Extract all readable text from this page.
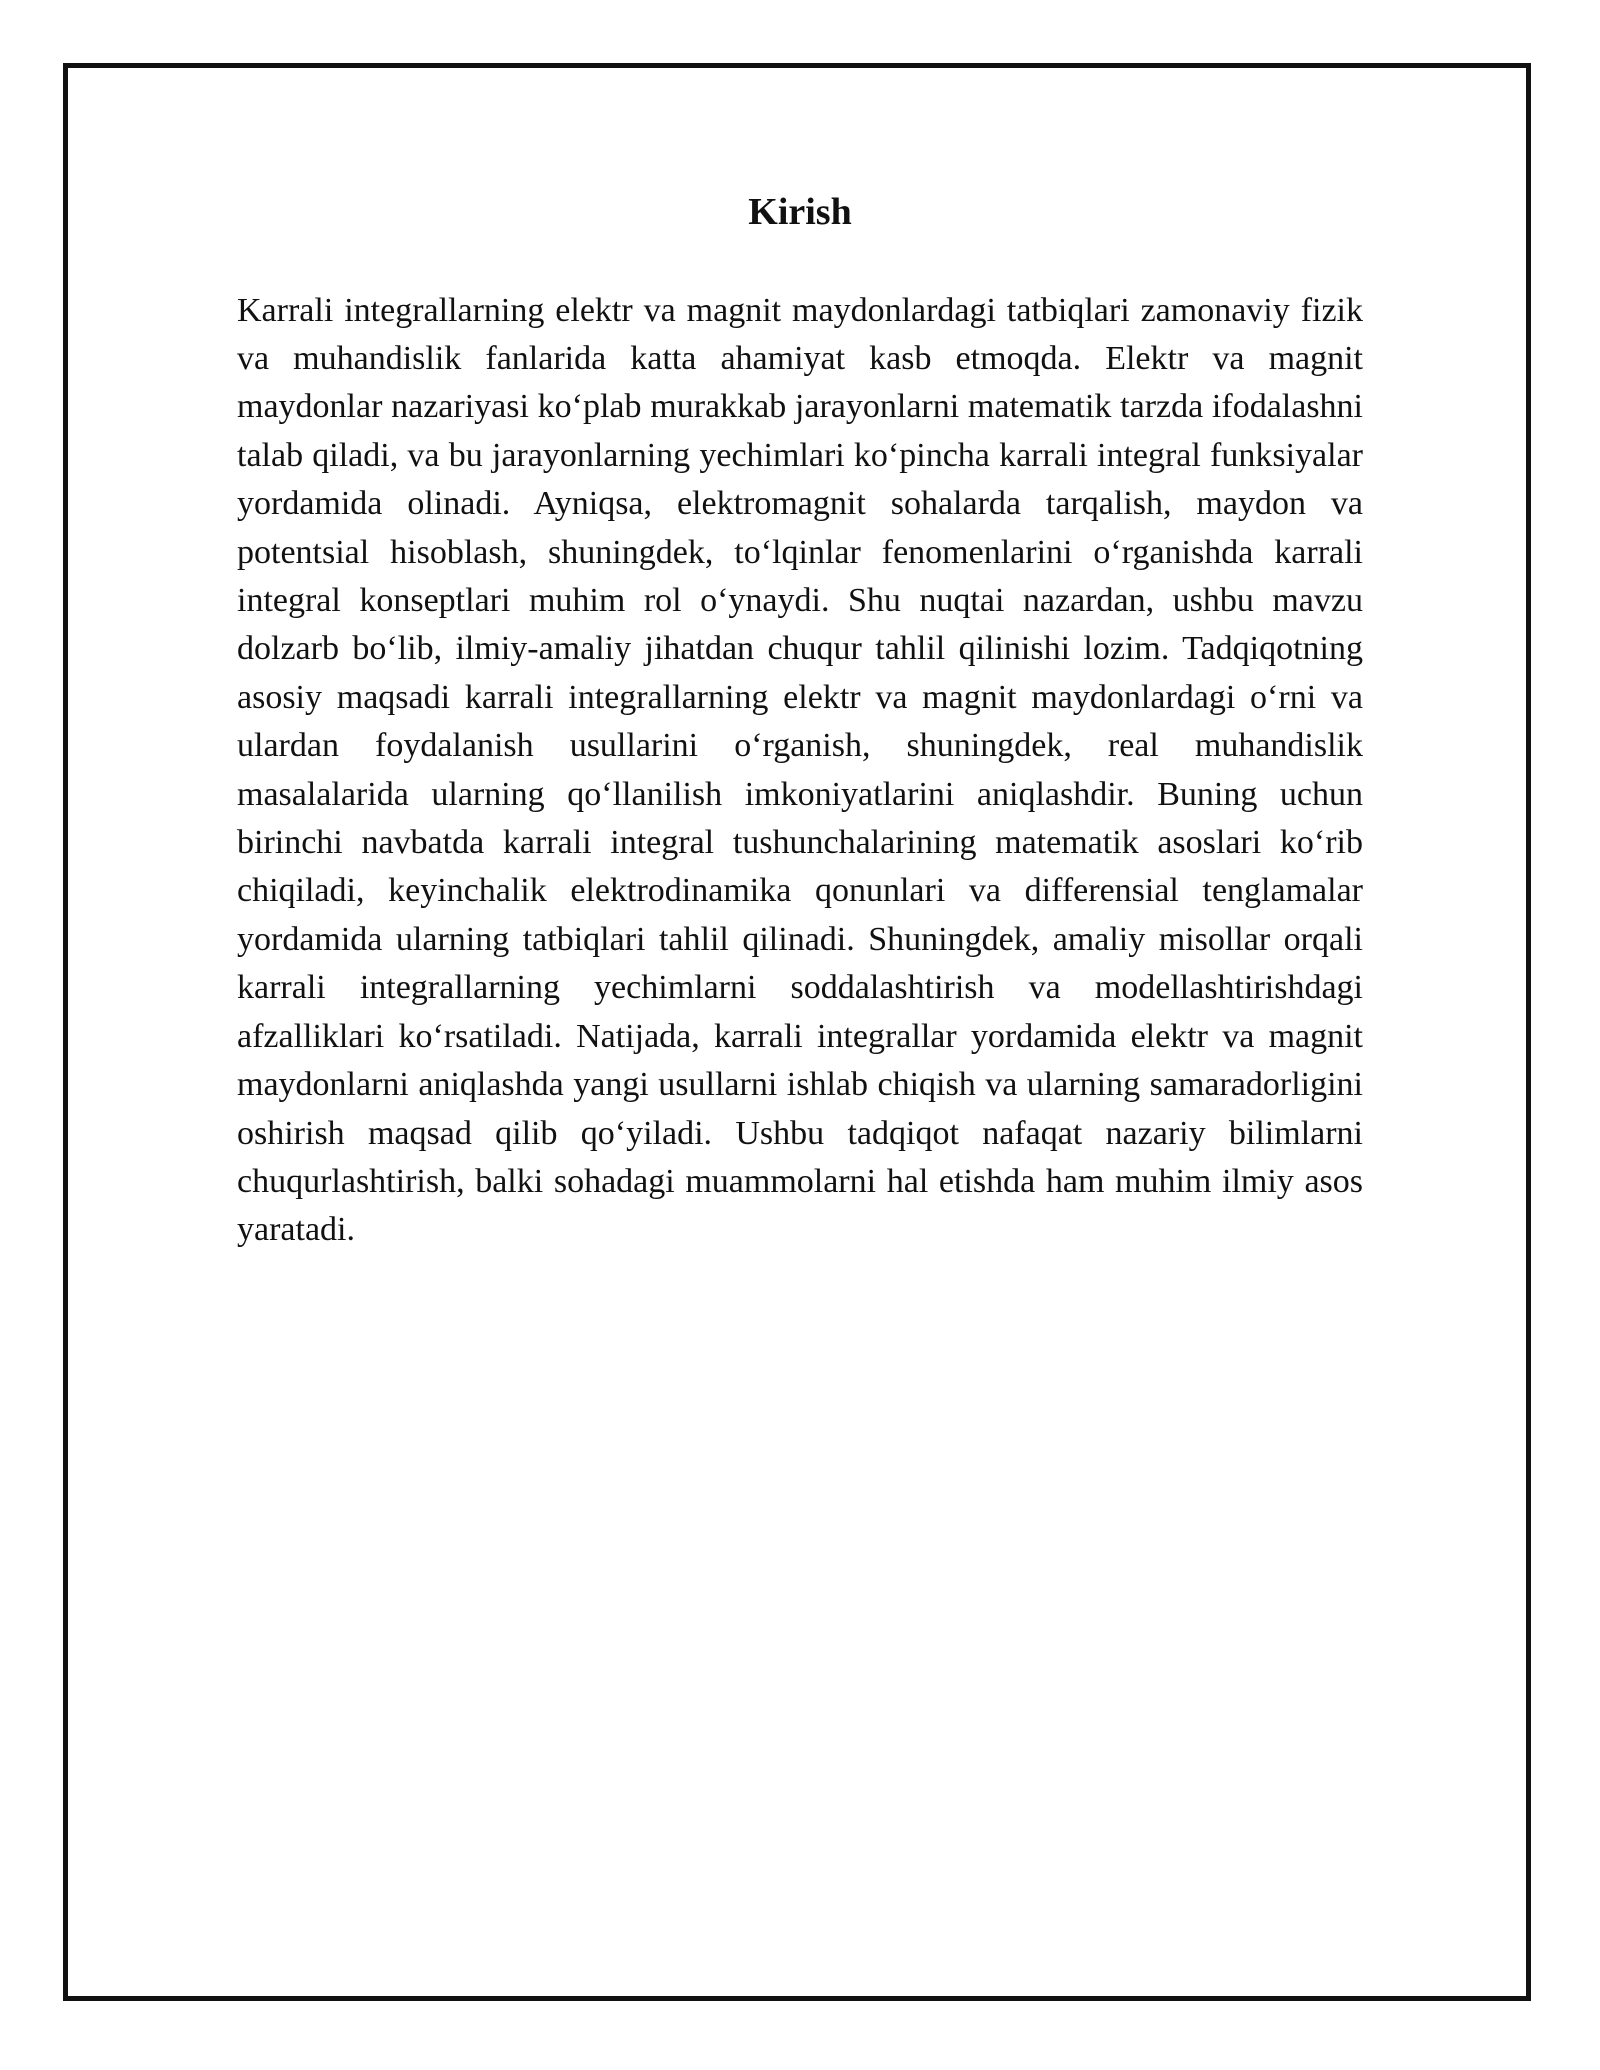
Kirish

Karrali integrallarning elektr va magnit maydonlardagi tatbiqlari zamonaviy fizik va muhandislik fanlarida katta ahamiyat kasb etmoqda. Elektr va magnit maydonlar nazariyasi ko‘plab murakkab jarayonlarni matematik tarzda ifodalashni talab qiladi, va bu jarayonlarning yechimlari ko‘pincha karrali integral funksiyalar yordamida olinadi. Ayniqsa, elektromagnit sohalarda tarqalish, maydon va potentsial hisoblash, shuningdek, to‘lqinlar fenomenlarini o‘rganishda karrali integral konseptlari muhim rol o‘ynaydi. Shu nuqtai nazardan, ushbu mavzu dolzarb bo‘lib, ilmiy-amaliy jihatdan chuqur tahlil qilinishi lozim. Tadqiqotning asosiy maqsadi karrali integrallarning elektr va magnit maydonlardagi o‘rni va ulardan foydalanish usullarini o‘rganish, shuningdek, real muhandislik masalalarida ularning qo‘llanilish imkoniyatlarini aniqlashdir. Buning uchun birinchi navbatda karrali integral tushunchalarining matematik asoslari ko‘rib chiqiladi, keyinchalik elektrodinamika qonunlari va differensial tenglamalar yordamida ularning tatbiqlari tahlil qilinadi. Shuningdek, amaliy misollar orqali karrali integrallarning yechimlarni soddalashtirish va modellashtirishdagi afzalliklari ko‘rsatiladi. Natijada, karrali integrallar yordamida elektr va magnit maydonlarni aniqlashda yangi usullarni ishlab chiqish va ularning samaradorligini oshirish maqsad qilib qo‘yiladi. Ushbu tadqiqot nafaqat nazariy bilimlarni chuqurlashtirish, balki sohadagi muammolarni hal etishda ham muhim ilmiy asos yaratadi.
